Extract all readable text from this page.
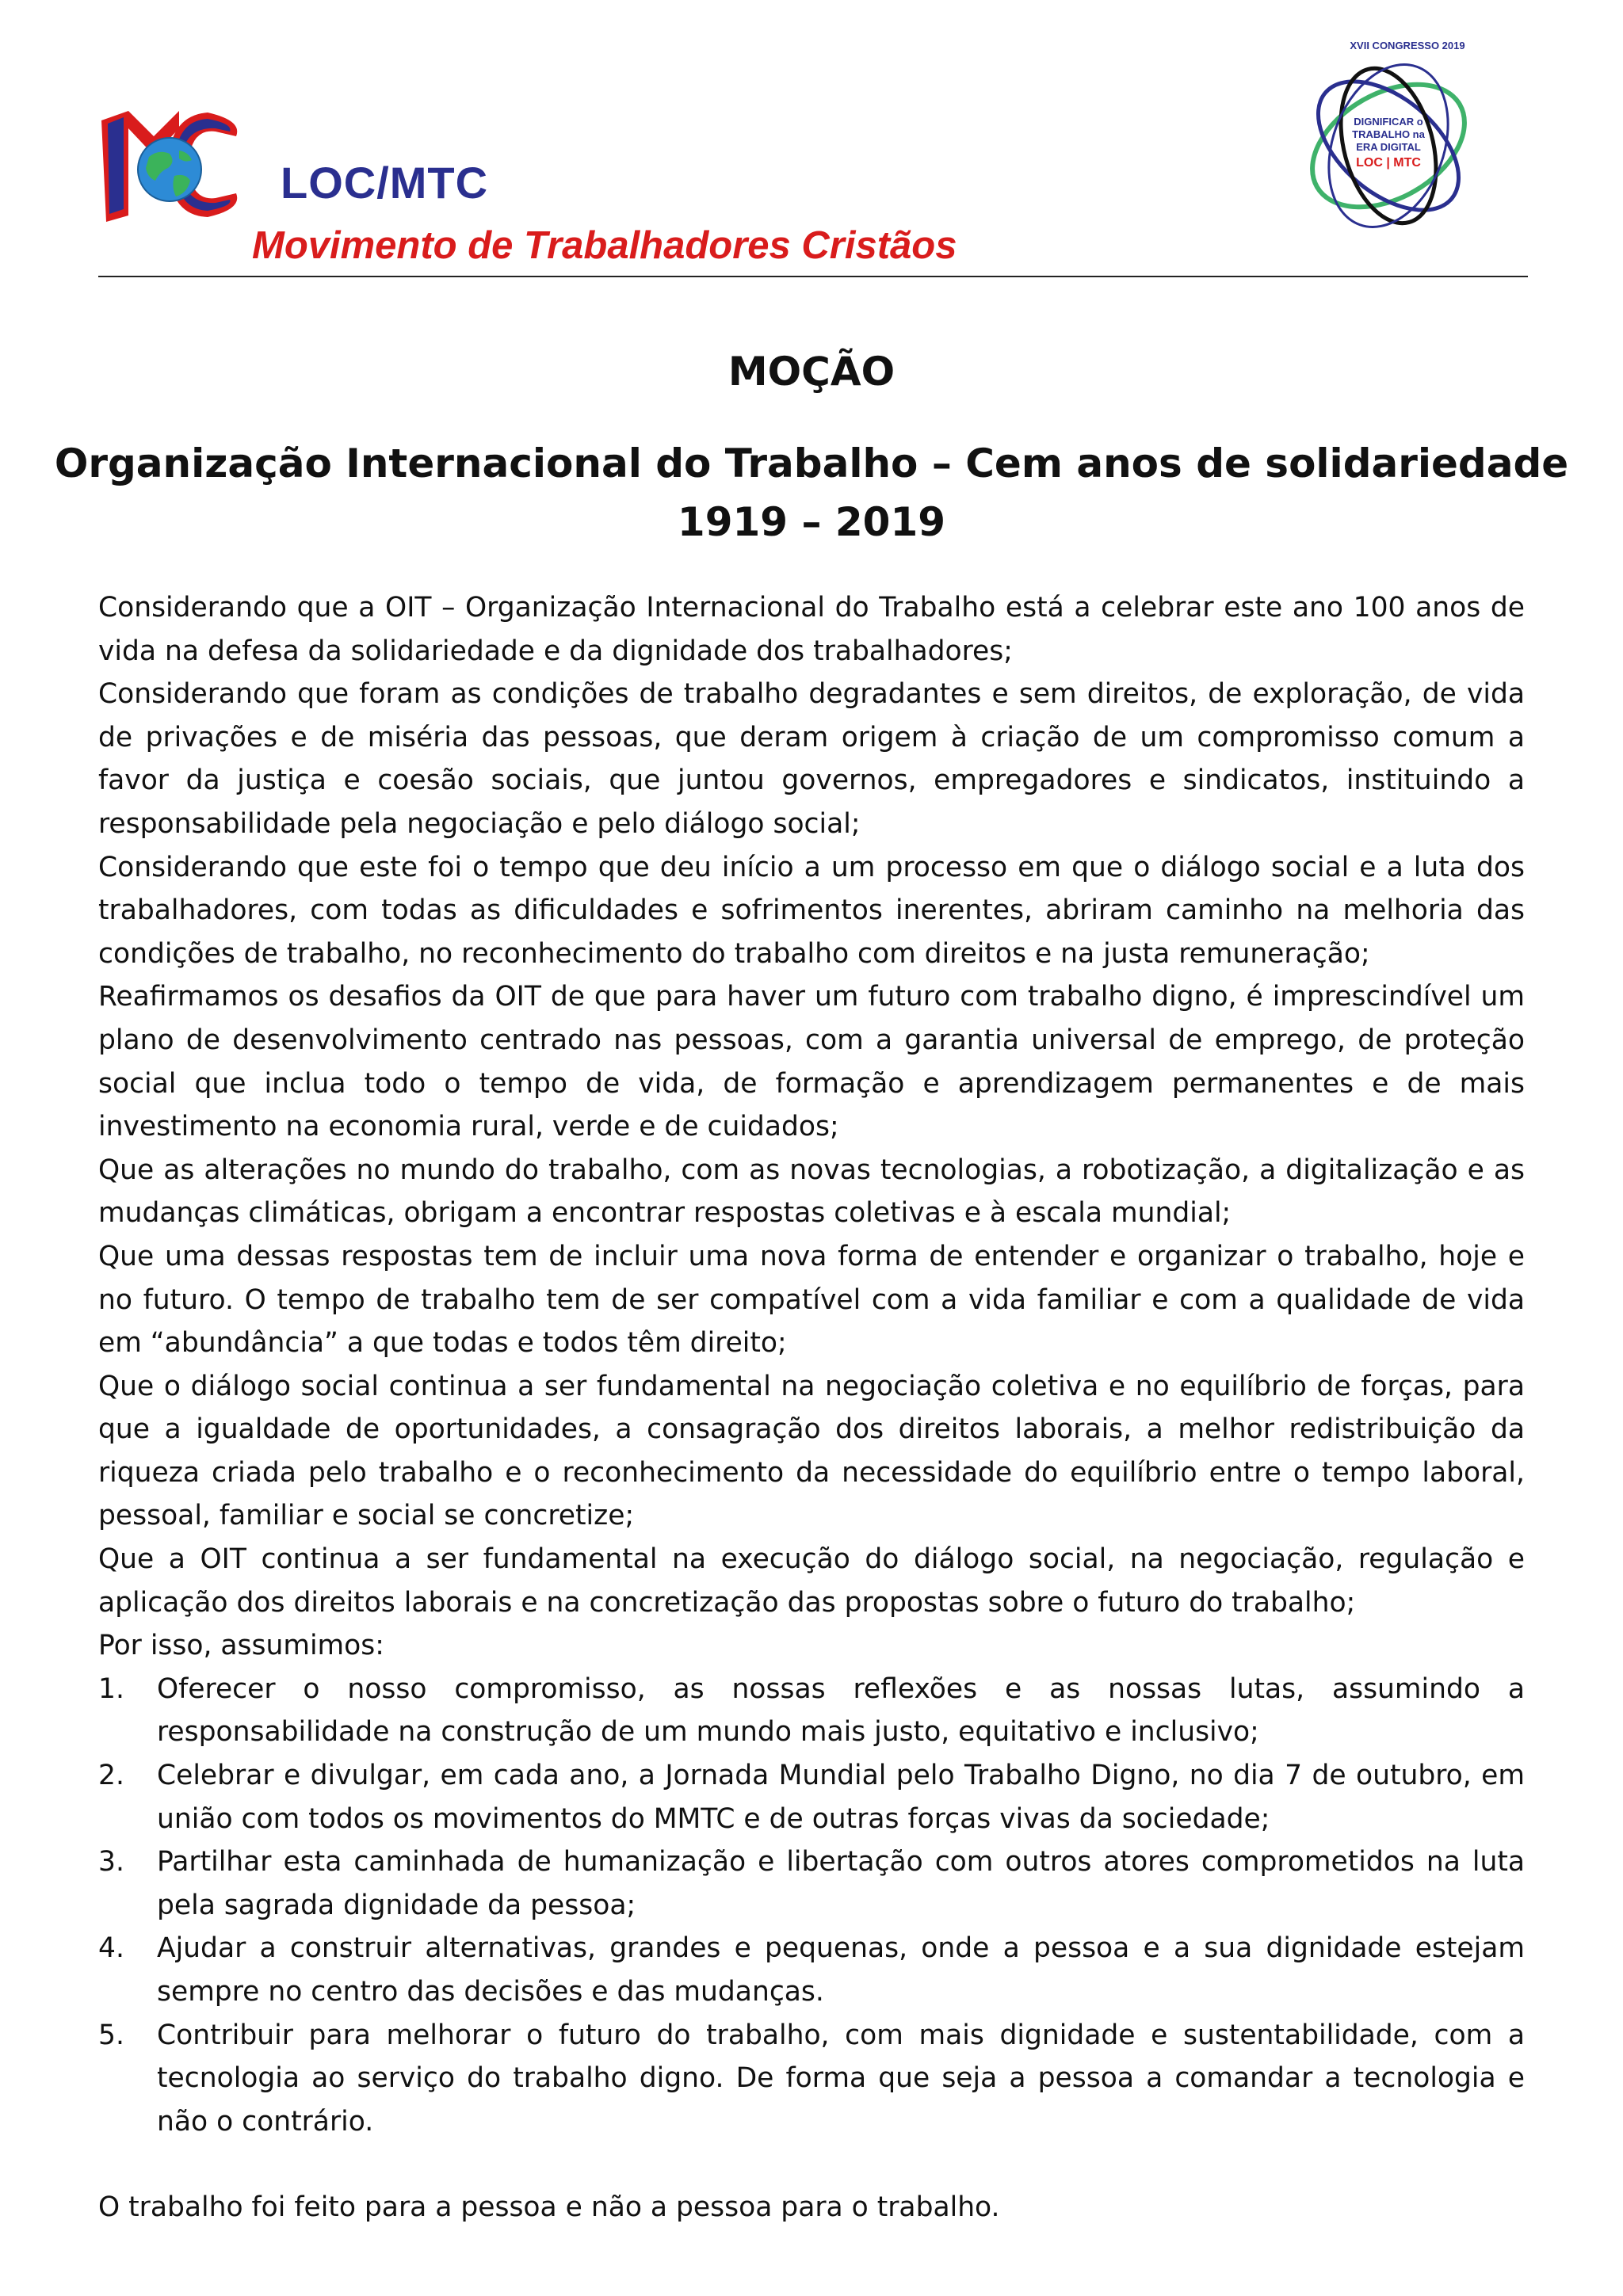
LOC/MTC
Movimento de Trabalhadores Cristãos
XVII CONGRESSO 2019
DIGNIFICAR o
TRABALHO na
ERA DIGITAL
LOC | MTC
MOÇÃO
Organização Internacional do Trabalho – Cem anos de solidariedade
1919 – 2019

Considerando que a OIT – Organização Internacional do Trabalho está a celebrar este ano 100 anos de vida na defesa da solidariedade e da dignidade dos trabalhadores;

Considerando que foram as condições de trabalho degradantes e sem direitos, de exploração, de vida de privações e de miséria das pessoas, que deram origem à criação de um compromisso comum a favor da justiça e coesão sociais, que juntou governos, empregadores e sindicatos, instituindo a responsabilidade pela negociação e pelo diálogo social;

Considerando que este foi o tempo que deu início a um processo em que o diálogo social e a luta dos trabalhadores, com todas as dificuldades e sofrimentos inerentes, abriram caminho na melhoria das condições de trabalho, no reconhecimento do trabalho com direitos e na justa remuneração;

Reafirmamos os desafios da OIT de que para haver um futuro com trabalho digno, é imprescindível um plano de desenvolvimento centrado nas pessoas, com a garantia universal de emprego, de proteção social que inclua todo o tempo de vida, de formação e aprendizagem permanentes e de mais investimento na economia rural, verde e de cuidados;

Que as alterações no mundo do trabalho, com as novas tecnologias, a robotização, a digitalização e as mudanças climáticas, obrigam a encontrar respostas coletivas e à escala mundial;

Que uma dessas respostas tem de incluir uma nova forma de entender e organizar o trabalho, hoje e no futuro. O tempo de trabalho tem de ser compatível com a vida familiar e com a qualidade de vida em “abundância” a que todas e todos têm direito;

Que o diálogo social continua a ser fundamental na negociação coletiva e no equilíbrio de forças, para que a igualdade de oportunidades, a consagração dos direitos laborais, a melhor redistribuição da riqueza criada pelo trabalho e o reconhecimento da necessidade do equilíbrio entre o tempo laboral, pessoal, familiar e social se concretize;

Que a OIT continua a ser fundamental na execução do diálogo social, na negociação, regulação e aplicação dos direitos laborais e na concretização das propostas sobre o futuro do trabalho;

Por isso, assumimos:

1. Oferecer o nosso compromisso, as nossas reflexões e as nossas lutas, assumindo a responsabilidade na construção de um mundo mais justo, equitativo e inclusivo;
2. Celebrar e divulgar, em cada ano, a Jornada Mundial pelo Trabalho Digno, no dia 7 de outubro, em união com todos os movimentos do MMTC e de outras forças vivas da sociedade;
3. Partilhar esta caminhada de humanização e libertação com outros atores comprometidos na luta pela sagrada dignidade da pessoa;
4. Ajudar a construir alternativas, grandes e pequenas, onde a pessoa e a sua dignidade estejam sempre no centro das decisões e das mudanças.
5. Contribuir para melhorar o futuro do trabalho, com mais dignidade e sustentabilidade, com a tecnologia ao serviço do trabalho digno. De forma que seja a pessoa a comandar a tecnologia e não o contrário.

O trabalho foi feito para a pessoa e não a pessoa para o trabalho.
